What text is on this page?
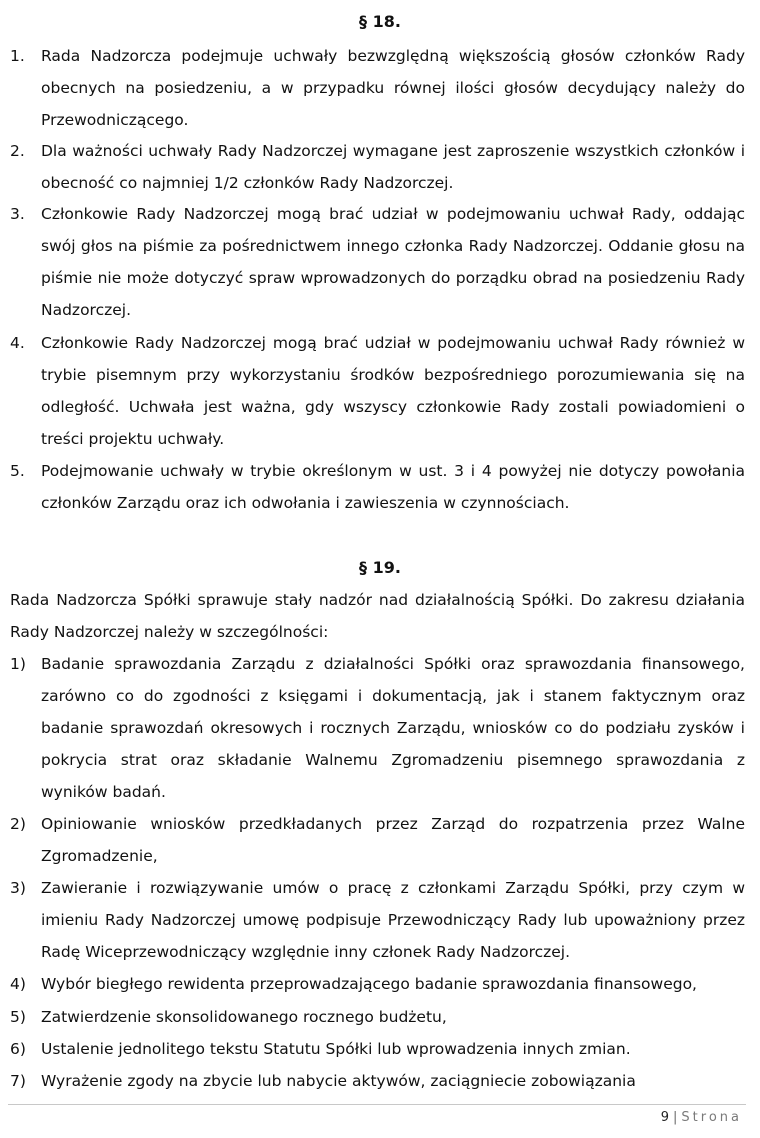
§ 18.
1. Rada Nadzorcza podejmuje uchwały bezwzględną większością głosów członków Rady obecnych na posiedzeniu, a w przypadku równej ilości głosów decydujący należy do Przewodniczącego.
2. Dla ważności uchwały Rady Nadzorczej wymagane jest zaproszenie wszystkich członków i obecność co najmniej 1/2 członków Rady Nadzorczej.
3. Członkowie Rady Nadzorczej mogą brać udział w podejmowaniu uchwał Rady, oddając swój głos na piśmie za pośrednictwem innego członka Rady Nadzorczej. Oddanie głosu na piśmie nie może dotyczyć spraw wprowadzonych do porządku obrad na posiedzeniu Rady Nadzorczej.
4. Członkowie Rady Nadzorczej mogą brać udział w podejmowaniu uchwał Rady również w trybie pisemnym przy wykorzystaniu środków bezpośredniego porozumiewania się na odległość. Uchwała jest ważna, gdy wszyscy członkowie Rady zostali powiadomieni o treści projektu uchwały.
5. Podejmowanie uchwały w trybie określonym w ust. 3 i 4 powyżej nie dotyczy powołania członków Zarządu oraz ich odwołania i zawieszenia w czynnościach.
§ 19.
Rada Nadzorcza Spółki sprawuje stały nadzór nad działalnością Spółki. Do zakresu działania Rady Nadzorczej należy w szczególności:
1) Badanie sprawozdania Zarządu z działalności Spółki oraz sprawozdania finansowego, zarówno co do zgodności z księgami i dokumentacją, jak i stanem faktycznym oraz badanie sprawozdań okresowych i rocznych Zarządu, wniosków co do podziału zysków i pokrycia strat oraz składanie Walnemu Zgromadzeniu pisemnego sprawozdania z wyników badań.
2) Opiniowanie wniosków przedkładanych przez Zarząd do rozpatrzenia przez Walne Zgromadzenie,
3) Zawieranie i rozwiązywanie umów o pracę z członkami Zarządu Spółki, przy czym w imieniu Rady Nadzorczej umowę podpisuje Przewodniczący Rady lub upoważniony przez Radę Wiceprzewodniczący względnie inny członek Rady Nadzorczej.
4) Wybór biegłego rewidenta przeprowadzającego badanie sprawozdania finansowego,
5) Zatwierdzenie skonsolidowanego rocznego budżetu,
6) Ustalenie jednolitego tekstu Statutu Spółki lub wprowadzenia innych zmian.
7) Wyrażenie zgody na zbycie lub nabycie aktywów, zaciągniecie zobowiązania
9 | Strona
